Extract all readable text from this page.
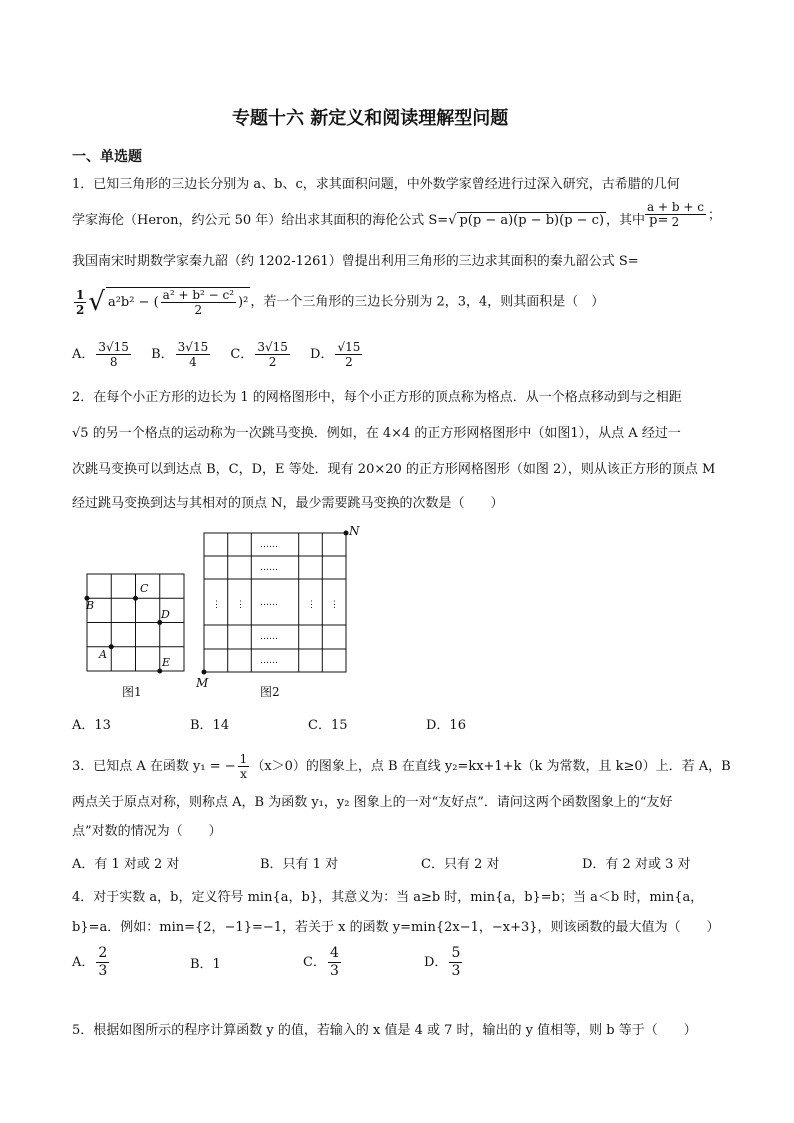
专题十六 新定义和阅读理解型问题
一、单选题
1．已知三角形的三边长分别为 a、b、c，求其面积问题，中外数学家曾经进行过深入研究，古希腊的几何
学家海伦（Heron，约公元 50 年）给出求其面积的海伦公式 S=√ p(p − a)(p − b)(p − c) ，其中 p=
$\frac{a + b + c}{2}$ ；
我国南宋时期数学家秦九韶（约 1202-1261）曾提出利用三角形的三边求其面积的秦九韶公式 S=
$\frac{1}{2}$ √ a²b² − ( $\frac{\text{a² + b² − c²}}{2} )^2$ ，若一个三角形的三边长分别为 2，3，4，则其面积是（　）
A． $\frac{3√15}{8}$ B． $\frac{3√15}{4}$ C． $\frac{3√15}{2}$ D． $\frac{√15}{2}$
2．在每个小正方形的边长为 1 的网格图形中，每个小正方形的顶点称为格点．从一个格点移动到与之相距
√5 的另一个格点的运动称为一次跳马变换．例如，在 4×4 的正方形网格图形中（如图1），从点 A 经过一
次跳马变换可以到达点 B，C，D，E 等处．现有 20×20 的正方形网格图形（如图 2），则从该正方形的顶点 M
经过跳马变换到达与其相对的顶点 N，最少需要跳马变换的次数是（　　）
A
B
C
D
E
图1
……
……
……
……
……
⋮ ⋮	⋮ ⋮
M
N
图2
A．13	B．14	C．15	D．16
3．已知点 A 在函数 y₁ = − $\frac{1}{x} (x>0)$的图象上，点 B 在直线 y₂=kx+1+k（k 为常数，且 k≥0）上．若 A，B
两点关于原点对称，则称点 A，B 为函数 y₁，y₂ 图象上的一对“友好点”．请问这两个函数图象上的“友好
点”对数的情况为（　　）
A．有 1 对或 2 对	B．只有 1 对	C．只有 2 对	D．有 2 对或 3 对
4．对于实数 a，b，定义符号 min{a，b}，其意义为：当 a≥b 时，min{a，b}=b；当 a＜b 时，min{a，
b}=a．例如：min={2，−1}=−1，若关于 x 的函数 y=min{2x−1，−x+3}，则该函数的最大值为（　　）
A． $\frac{2}{3}$	B．1	C． $\frac{4}{3}$	D． $\frac{5}{3}$
5．根据如图所示的程序计算函数 y 的值，若输入的 x 值是 4 或 7 时，输出的 y 值相等，则 b 等于（　　）
